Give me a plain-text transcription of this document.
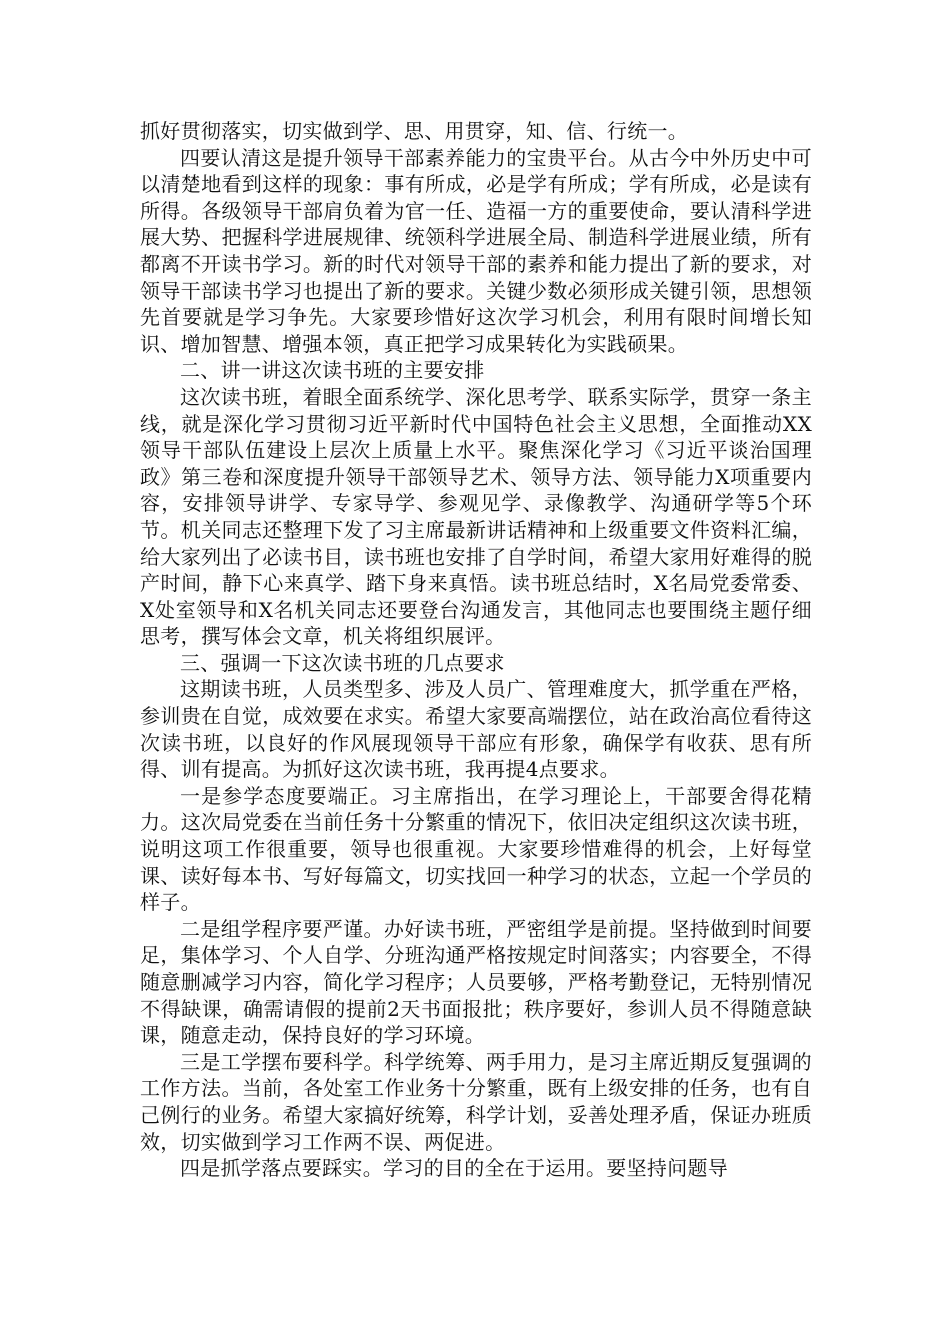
抓好贯彻落实，切实做到学、思、用贯穿，知、信、行统一。

四要认清这是提升领导干部素养能力的宝贵平台。从古今中外历史中可以清楚地看到这样的现象：事有所成，必是学有所成；学有所成，必是读有所得。各级领导干部肩负着为官一任、造福一方的重要使命，要认清科学进展大势、把握科学进展规律、统领科学进展全局、制造科学进展业绩，所有都离不开读书学习。新的时代对领导干部的素养和能力提出了新的要求，对领导干部读书学习也提出了新的要求。关键少数必须形成关键引领，思想领先首要就是学习争先。大家要珍惜好这次学习机会，利用有限时间增长知识、增加智慧、增强本领，真正把学习成果转化为实践硕果。

二、讲一讲这次读书班的主要安排

这次读书班，着眼全面系统学、深化思考学、联系实际学，贯穿一条主线，就是深化学习贯彻习近平新时代中国特色社会主义思想，全面推动XX领导干部队伍建设上层次上质量上水平。聚焦深化学习《习近平谈治国理政》第三卷和深度提升领导干部领导艺术、领导方法、领导能力X项重要内容，安排领导讲学、专家导学、参观见学、录像教学、沟通研学等5个环节。机关同志还整理下发了习主席最新讲话精神和上级重要文件资料汇编，给大家列出了必读书目，读书班也安排了自学时间，希望大家用好难得的脱产时间，静下心来真学、踏下身来真悟。读书班总结时，X名局党委常委、X处室领导和X名机关同志还要登台沟通发言，其他同志也要围绕主题仔细思考，撰写体会文章，机关将组织展评。

三、强调一下这次读书班的几点要求

这期读书班，人员类型多、涉及人员广、管理难度大，抓学重在严格，参训贵在自觉，成效要在求实。希望大家要高端摆位，站在政治高位看待这次读书班，以良好的作风展现领导干部应有形象，确保学有收获、思有所得、训有提高。为抓好这次读书班，我再提4点要求。

一是参学态度要端正。习主席指出，在学习理论上，干部要舍得花精力。这次局党委在当前任务十分繁重的情况下，依旧决定组织这次读书班，说明这项工作很重要，领导也很重视。大家要珍惜难得的机会，上好每堂课、读好每本书、写好每篇文，切实找回一种学习的状态，立起一个学员的样子。

二是组学程序要严谨。办好读书班，严密组学是前提。坚持做到时间要足，集体学习、个人自学、分班沟通严格按规定时间落实；内容要全，不得随意删减学习内容，简化学习程序；人员要够，严格考勤登记，无特别情况不得缺课，确需请假的提前2天书面报批；秩序要好，参训人员不得随意缺课，随意走动，保持良好的学习环境。

三是工学摆布要科学。科学统筹、两手用力，是习主席近期反复强调的工作方法。当前，各处室工作业务十分繁重，既有上级安排的任务，也有自己例行的业务。希望大家搞好统筹，科学计划，妥善处理矛盾，保证办班质效，切实做到学习工作两不误、两促进。

四是抓学落点要踩实。学习的目的全在于运用。要坚持问题导
